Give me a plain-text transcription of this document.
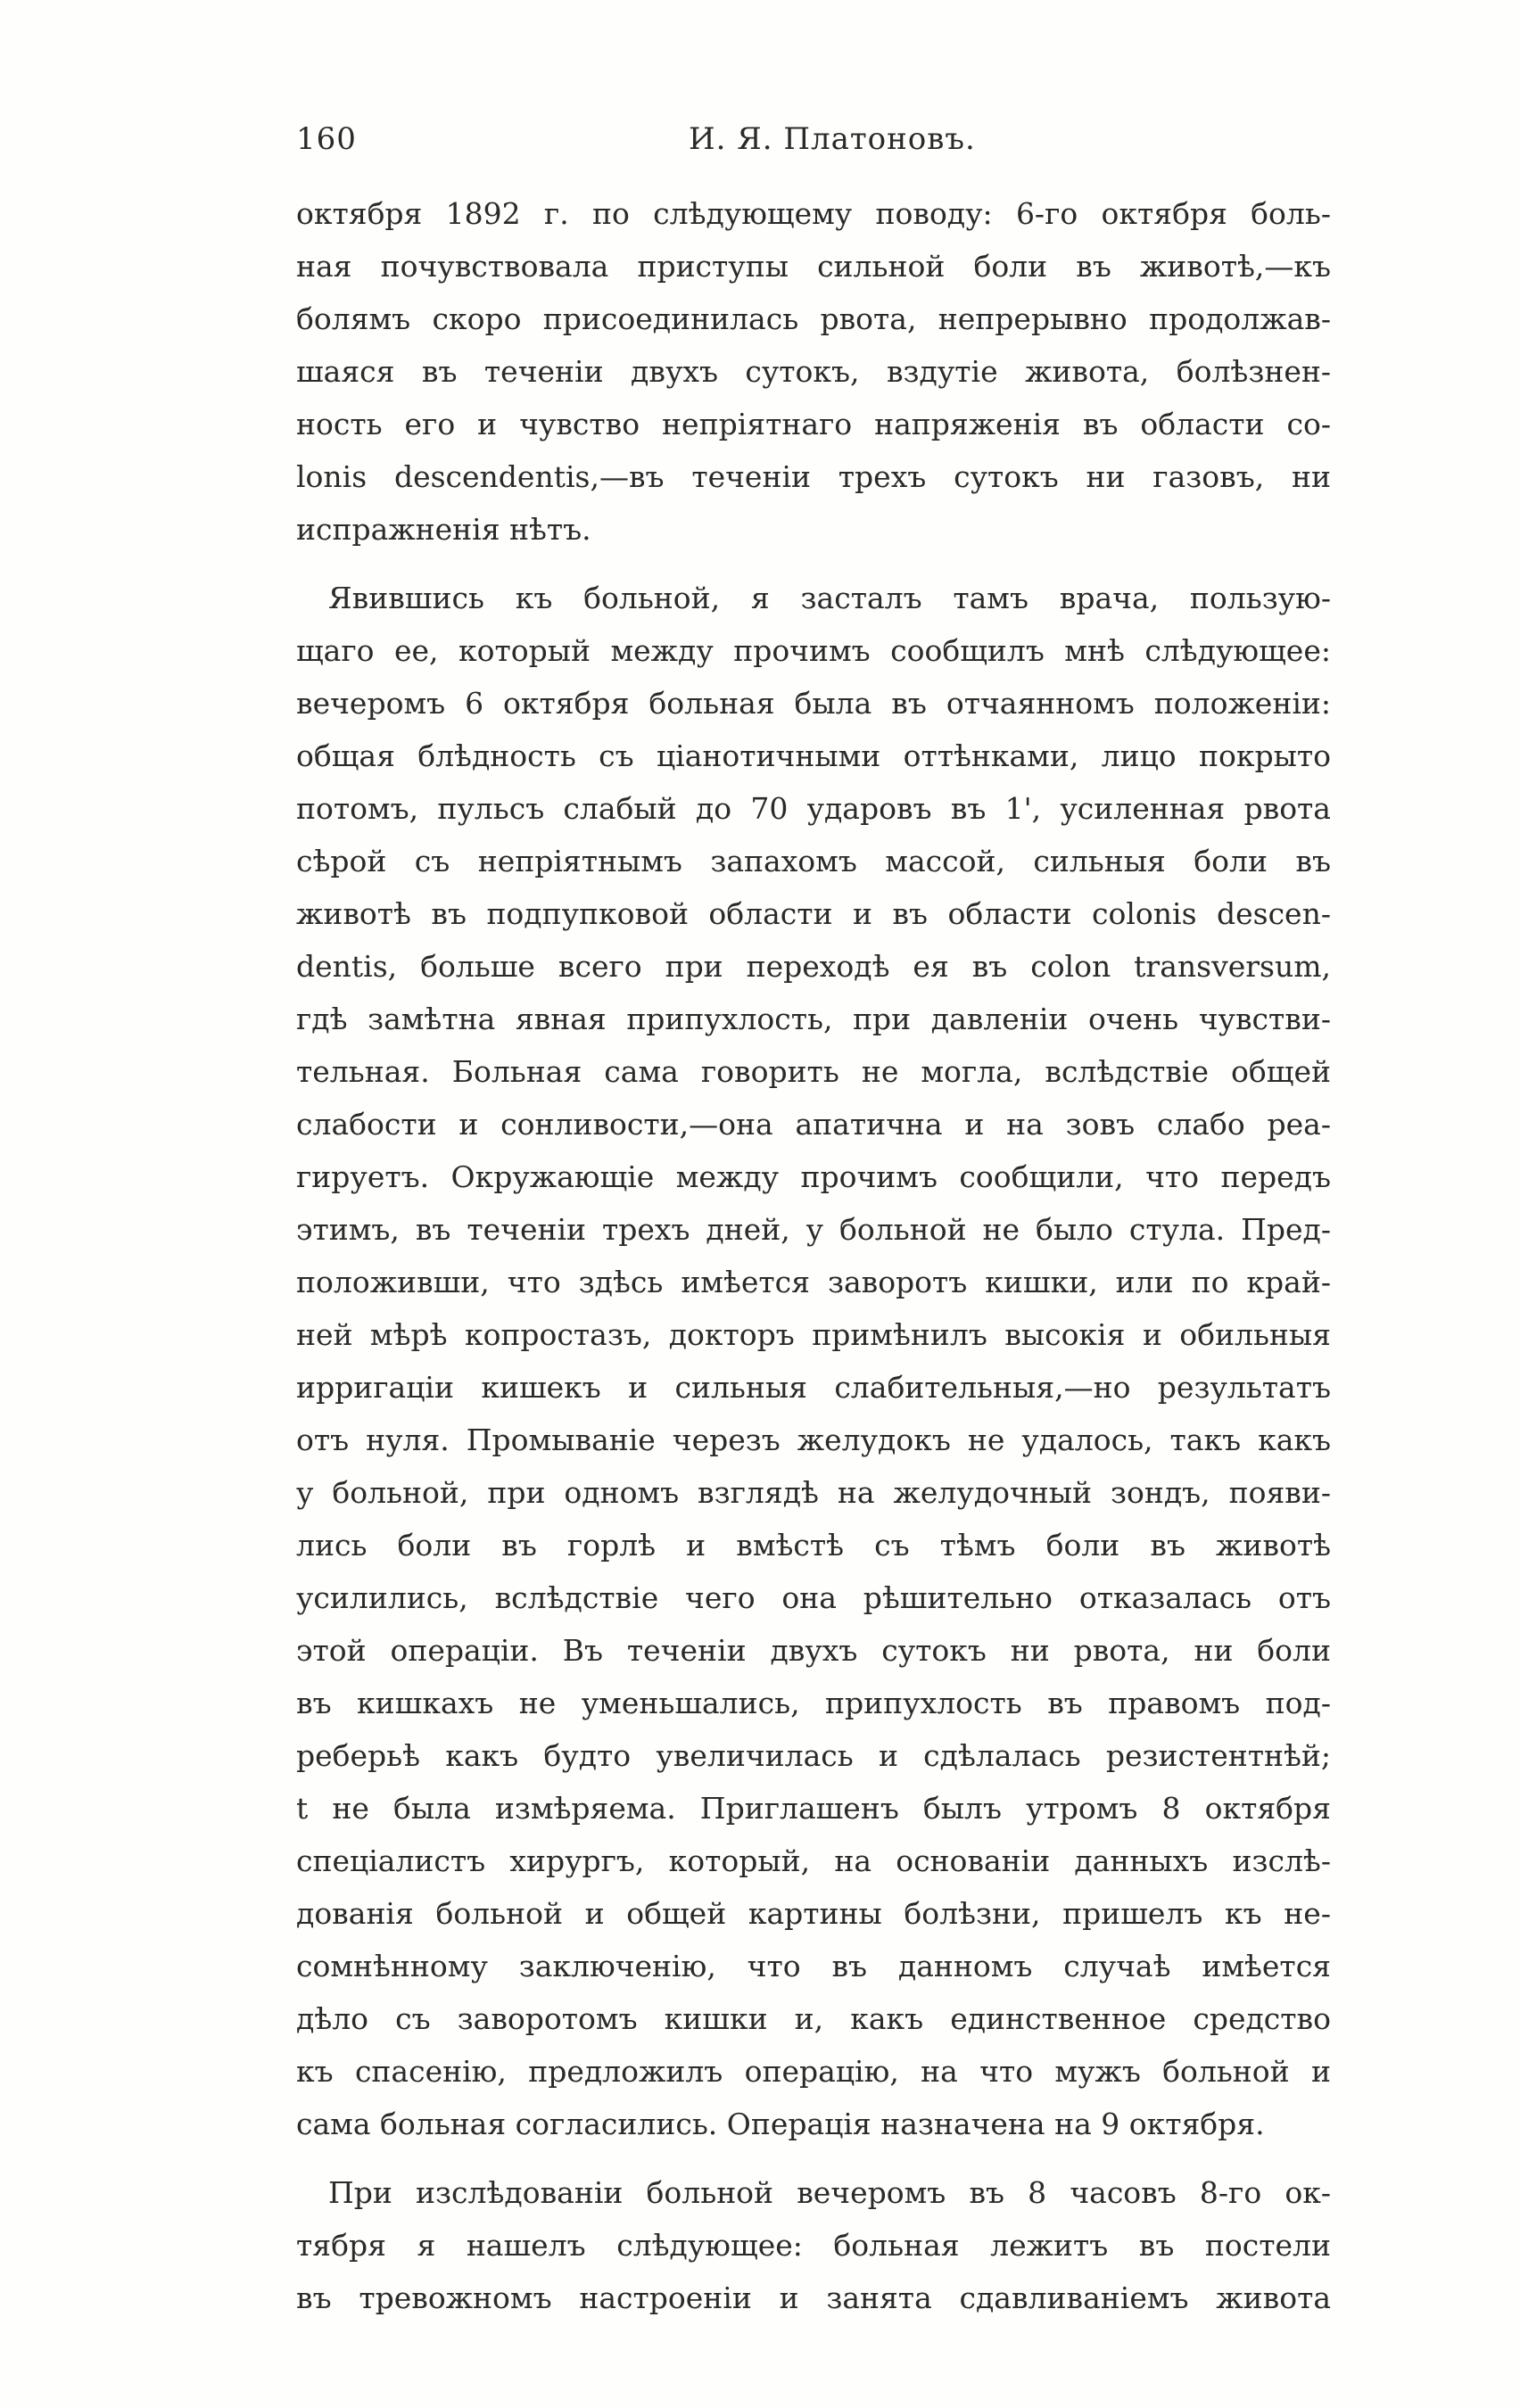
160	И. Я. Платоновъ.
октября 1892 г. по слѣдующему поводу: 6-го октября боль-
ная почувствовала приступы сильной боли въ животѣ,—къ
болямъ скоро присоединилась рвота, непрерывно продолжав-
шаяся въ теченіи двухъ сутокъ, вздутіе живота, болѣзнен-
ность его и чувство непріятнаго напряженія въ области co-
lonis descendentis,—въ теченіи трехъ сутокъ ни газовъ, ни
испражненія нѣтъ.
Явившись къ больной, я засталъ тамъ врача, пользую-
щаго ее, который между прочимъ сообщилъ мнѣ слѣдующее:
вечеромъ 6 октября больная была въ отчаянномъ положеніи:
общая блѣдность съ ціанотичными оттѣнками, лицо покрыто
потомъ, пульсъ слабый до 70 ударовъ въ 1', усиленная рвота
сѣрой съ непріятнымъ запахомъ массой, сильныя боли въ
животѣ въ подпупковой области и въ области colonis descen-
dentis, больше всего при переходѣ ея въ colon transversum,
гдѣ замѣтна явная припухлость, при давленіи очень чувстви-
тельная. Больная сама говорить не могла, вслѣдствіе общей
слабости и сонливости,—она апатична и на зовъ слабо реа-
гируетъ. Окружающіе между прочимъ сообщили, что передъ
этимъ, въ теченіи трехъ дней, у больной не было стула. Пред-
положивши, что здѣсь имѣется заворотъ кишки, или по край-
ней мѣрѣ копростазъ, докторъ примѣнилъ высокія и обильныя
ирригаціи кишекъ и сильныя слабительныя,—но результатъ
отъ нуля. Промываніе черезъ желудокъ не удалось, такъ какъ
у больной, при одномъ взглядѣ на желудочный зондъ, появи-
лись боли въ горлѣ и вмѣстѣ съ тѣмъ боли въ животѣ
усилились, вслѣдствіе чего она рѣшительно отказалась отъ
этой операціи. Въ теченіи двухъ сутокъ ни рвота, ни боли
въ кишкахъ не уменьшались, припухлость въ правомъ под-
реберьѣ какъ будто увеличилась и сдѣлалась резистентнѣй;
t не была измѣряема. Приглашенъ былъ утромъ 8 октября
спеціалистъ хирургъ, который, на основаніи данныхъ изслѣ-
дованія больной и общей картины болѣзни, пришелъ къ не-
сомнѣнному заключенію, что въ данномъ случаѣ имѣется
дѣло съ заворотомъ кишки и, какъ единственное средство
къ спасенію, предложилъ операцію, на что мужъ больной и
сама больная согласились. Операція назначена на 9 октября.
При изслѣдованіи больной вечеромъ въ 8 часовъ 8-го ок-
тября я нашелъ слѣдующее: больная лежитъ въ постели
въ тревожномъ настроеніи и занята сдавливаніемъ живота
